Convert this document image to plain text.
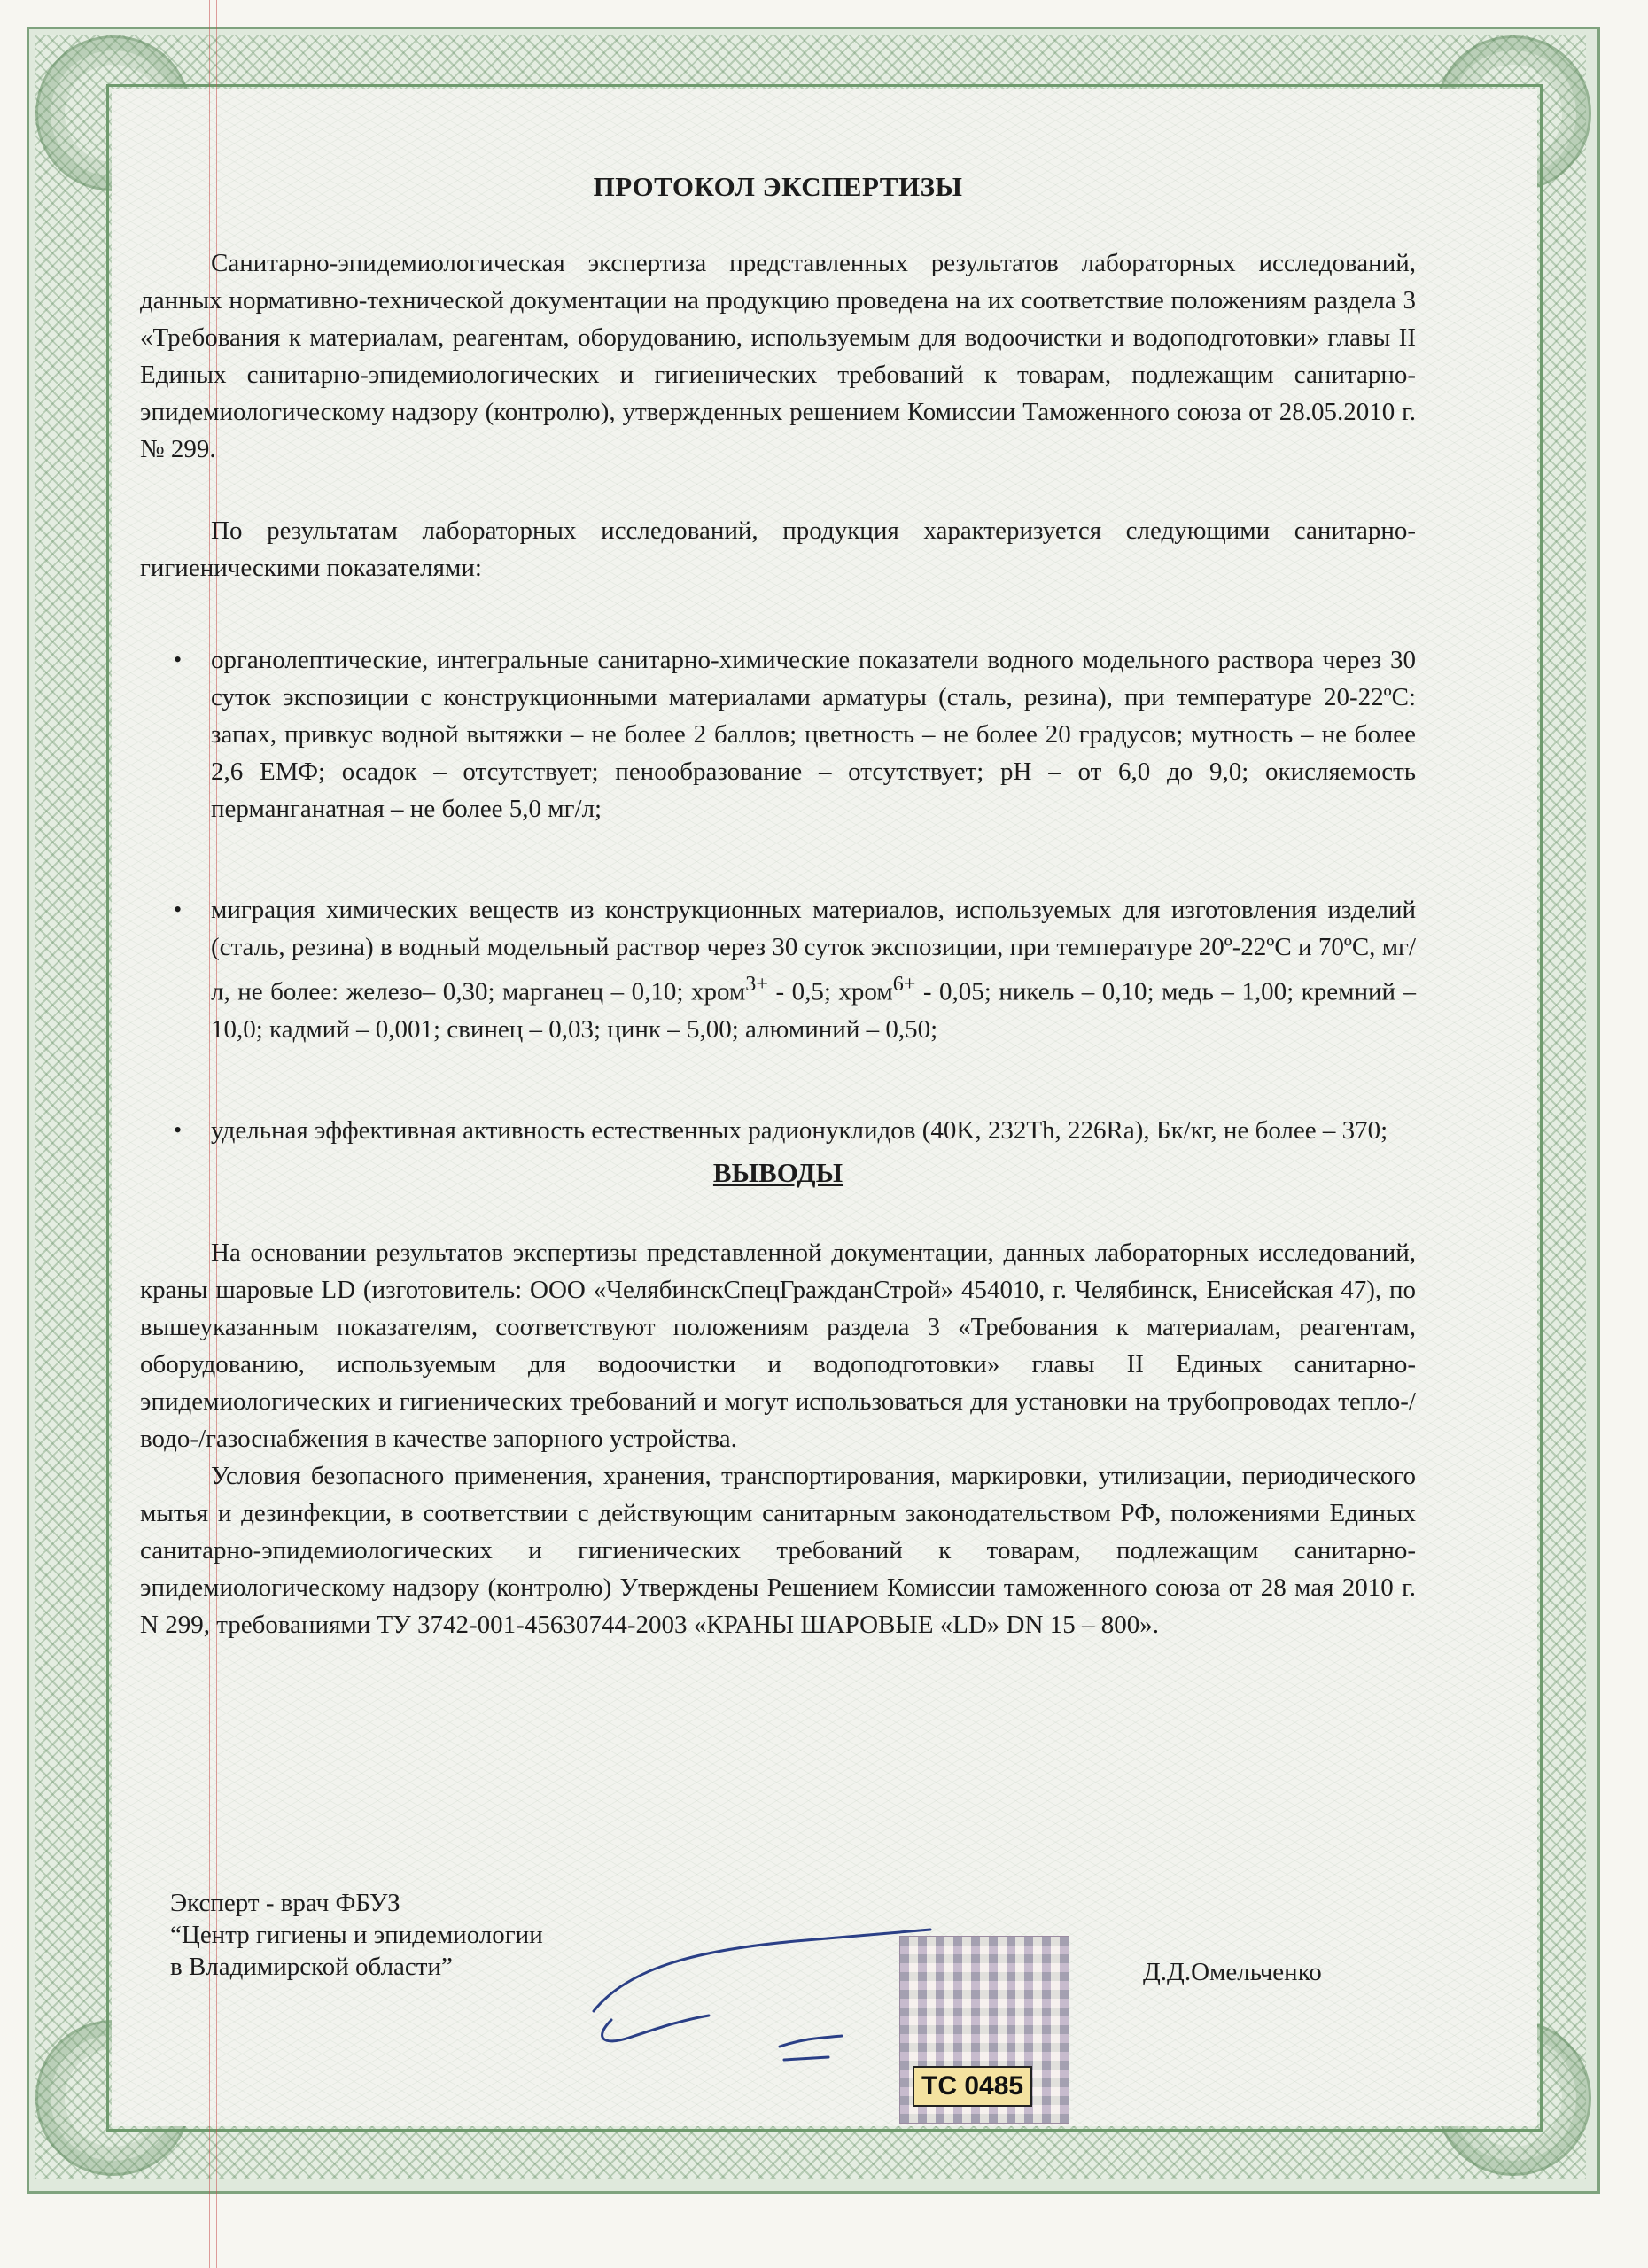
ПРОТОКОЛ ЭКСПЕРТИЗЫ

Санитарно-эпидемиологическая экспертиза представленных результатов лабораторных исследований, данных нормативно-технической документации на продукцию проведена на их соответствие положениям раздела 3 «Требования к материалам, реагентам, оборудованию, используемым для водоочистки и водоподготовки» главы II Единых санитарно-эпидемиологических и гигиенических требований к товарам, подлежащим санитарно-эпидемиологическому надзору (контролю), утвержденных решением Комиссии Таможенного союза от 28.05.2010 г. № 299.

По результатам лабораторных исследований, продукция характеризуется следующими санитарно-гигиеническими показателями:

• органолептические, интегральные санитарно-химические показатели водного модельного раствора через 30 суток экспозиции с конструкционными материалами арматуры (сталь, резина), при температуре 20-22ºС: запах, привкус водной вытяжки – не более 2 баллов; цветность – не более 20 градусов; мутность – не более 2,6 ЕМФ; осадок – отсутствует; пенообразование – отсутствует; pH – от 6,0 до 9,0; окисляемость перманганатная – не более 5,0 мг/л;
• миграция химических веществ из конструкционных материалов, используемых для изготовления изделий (сталь, резина) в водный модельный раствор через 30 суток экспозиции, при температуре 20º-22ºС и 70ºС, мг/л, не более: железо– 0,30; марганец – 0,10; хром$^{3+}$ - 0,5; хром$^{6+}$ - 0,05; никель – 0,10; медь – 1,00; кремний – 10,0; кадмий – 0,001; свинец – 0,03; цинк – 5,00; алюминий – 0,50;
• удельная эффективная активность естественных радионуклидов (40K, 232Th, 226Ra), Бк/кг, не более – 370;
ВЫВОДЫ

На основании результатов экспертизы представленной документации, данных лабораторных исследований, краны шаровые LD (изготовитель: ООО «ЧелябинскСпецГражданСтрой» 454010, г. Челябинск, Енисейская 47), по вышеуказанным показателям, соответствуют положениям раздела 3 «Требования к материалам, реагентам, оборудованию, используемым для водоочистки и водоподготовки» главы II Единых санитарно-эпидемиологических и гигиенических требований и могут использоваться для установки на трубопроводах тепло-/водо-/газоснабжения в качестве запорного устройства.

Условия безопасного применения, хранения, транспортирования, маркировки, утилизации, периодического мытья и дезинфекции, в соответствии с действующим санитарным законодательством РФ, положениями Единых санитарно-эпидемиологических и гигиенических требований к товарам, подлежащим санитарно-эпидемиологическому надзору (контролю) Утверждены Решением Комиссии таможенного союза от 28 мая 2010 г. N 299, требованиями ТУ 3742-001-45630744-2003 «КРАНЫ ШАРОВЫЕ «LD» DN 15 – 800».

Эксперт - врач ФБУЗ
“Центр гигиены и эпидемиологии
в Владимирской области”
ТС 0485
Д.Д.Омельченко
